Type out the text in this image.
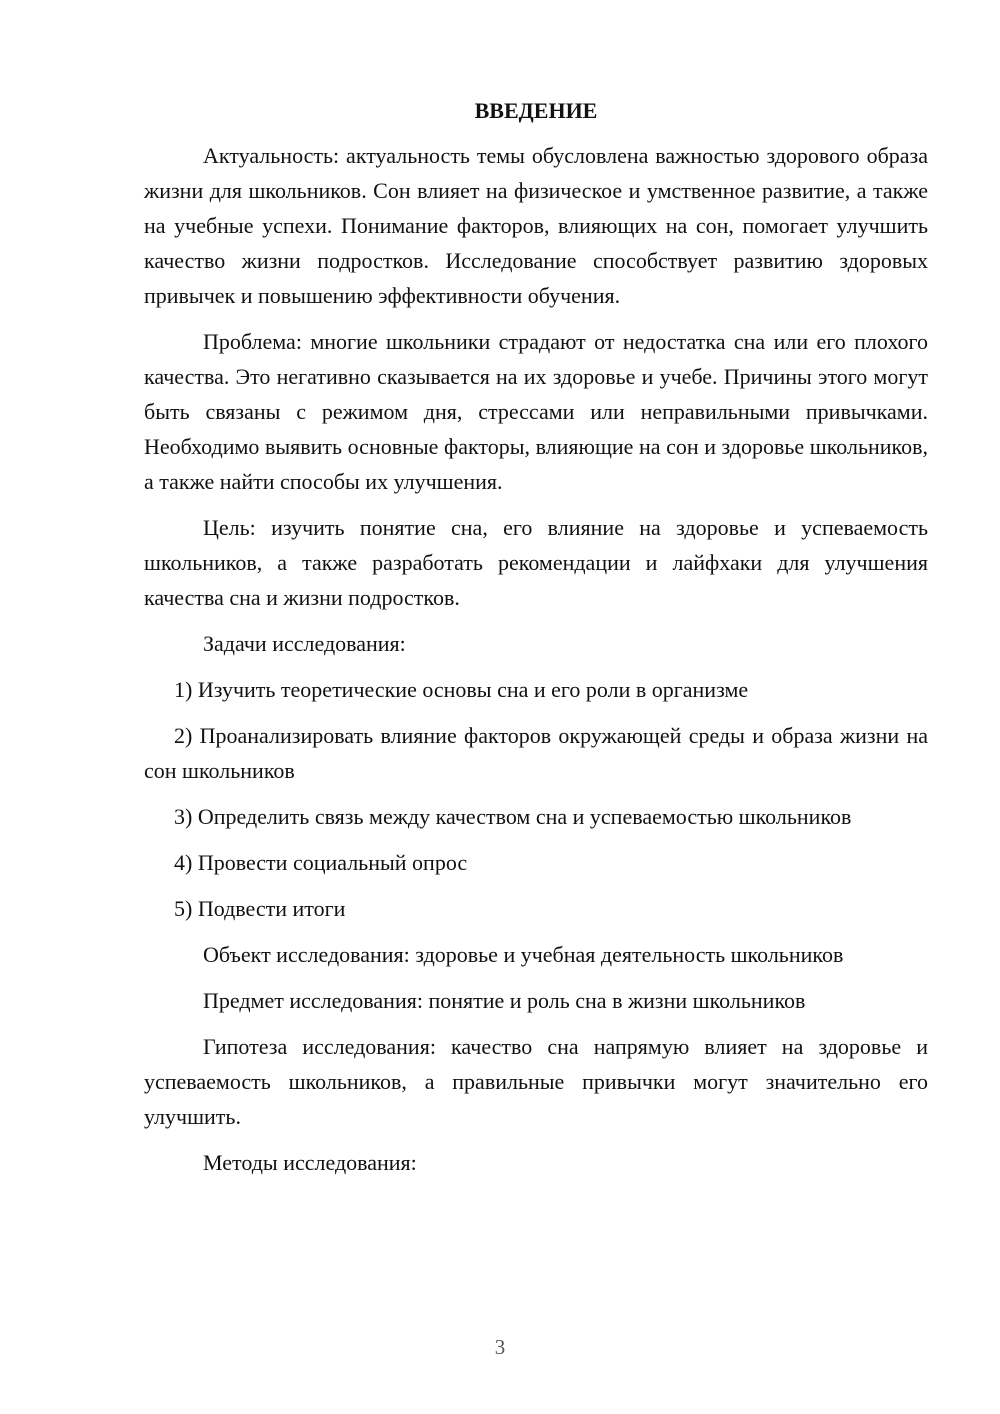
ВВЕДЕНИЕ

Актуальность: актуальность темы обусловлена важностью здорового образа жизни для школьников. Сон влияет на физическое и умственное развитие, а также на учебные успехи. Понимание факторов, влияющих на сон, помогает улучшить качество жизни подростков. Исследование способствует развитию здоровых привычек и повышению эффективности обучения.

Проблема: многие школьники страдают от недостатка сна или его плохого качества. Это негативно сказывается на их здоровье и учебе. Причины этого могут быть связаны с режимом дня, стрессами или неправильными привычками. Необходимо выявить основные факторы, влияющие на сон и здоровье школьников, а также найти способы их улучшения.

Цель: изучить понятие сна, его влияние на здоровье и успеваемость школьников, а также разработать рекомендации и лайфхаки для улучшения качества сна и жизни подростков.

Задачи исследования:

1) Изучить теоретические основы сна и его роли в организме

2) Проанализировать влияние факторов окружающей среды и образа жизни на сон школьников

3) Определить связь между качеством сна и успеваемостью школьников

4) Провести социальный опрос

5) Подвести итоги

Объект исследования: здоровье и учебная деятельность школьников

Предмет исследования: понятие и роль сна в жизни школьников

Гипотеза исследования: качество сна напрямую влияет на здоровье и успеваемость школьников, а правильные привычки могут значительно его улучшить.

Методы исследования:

3
